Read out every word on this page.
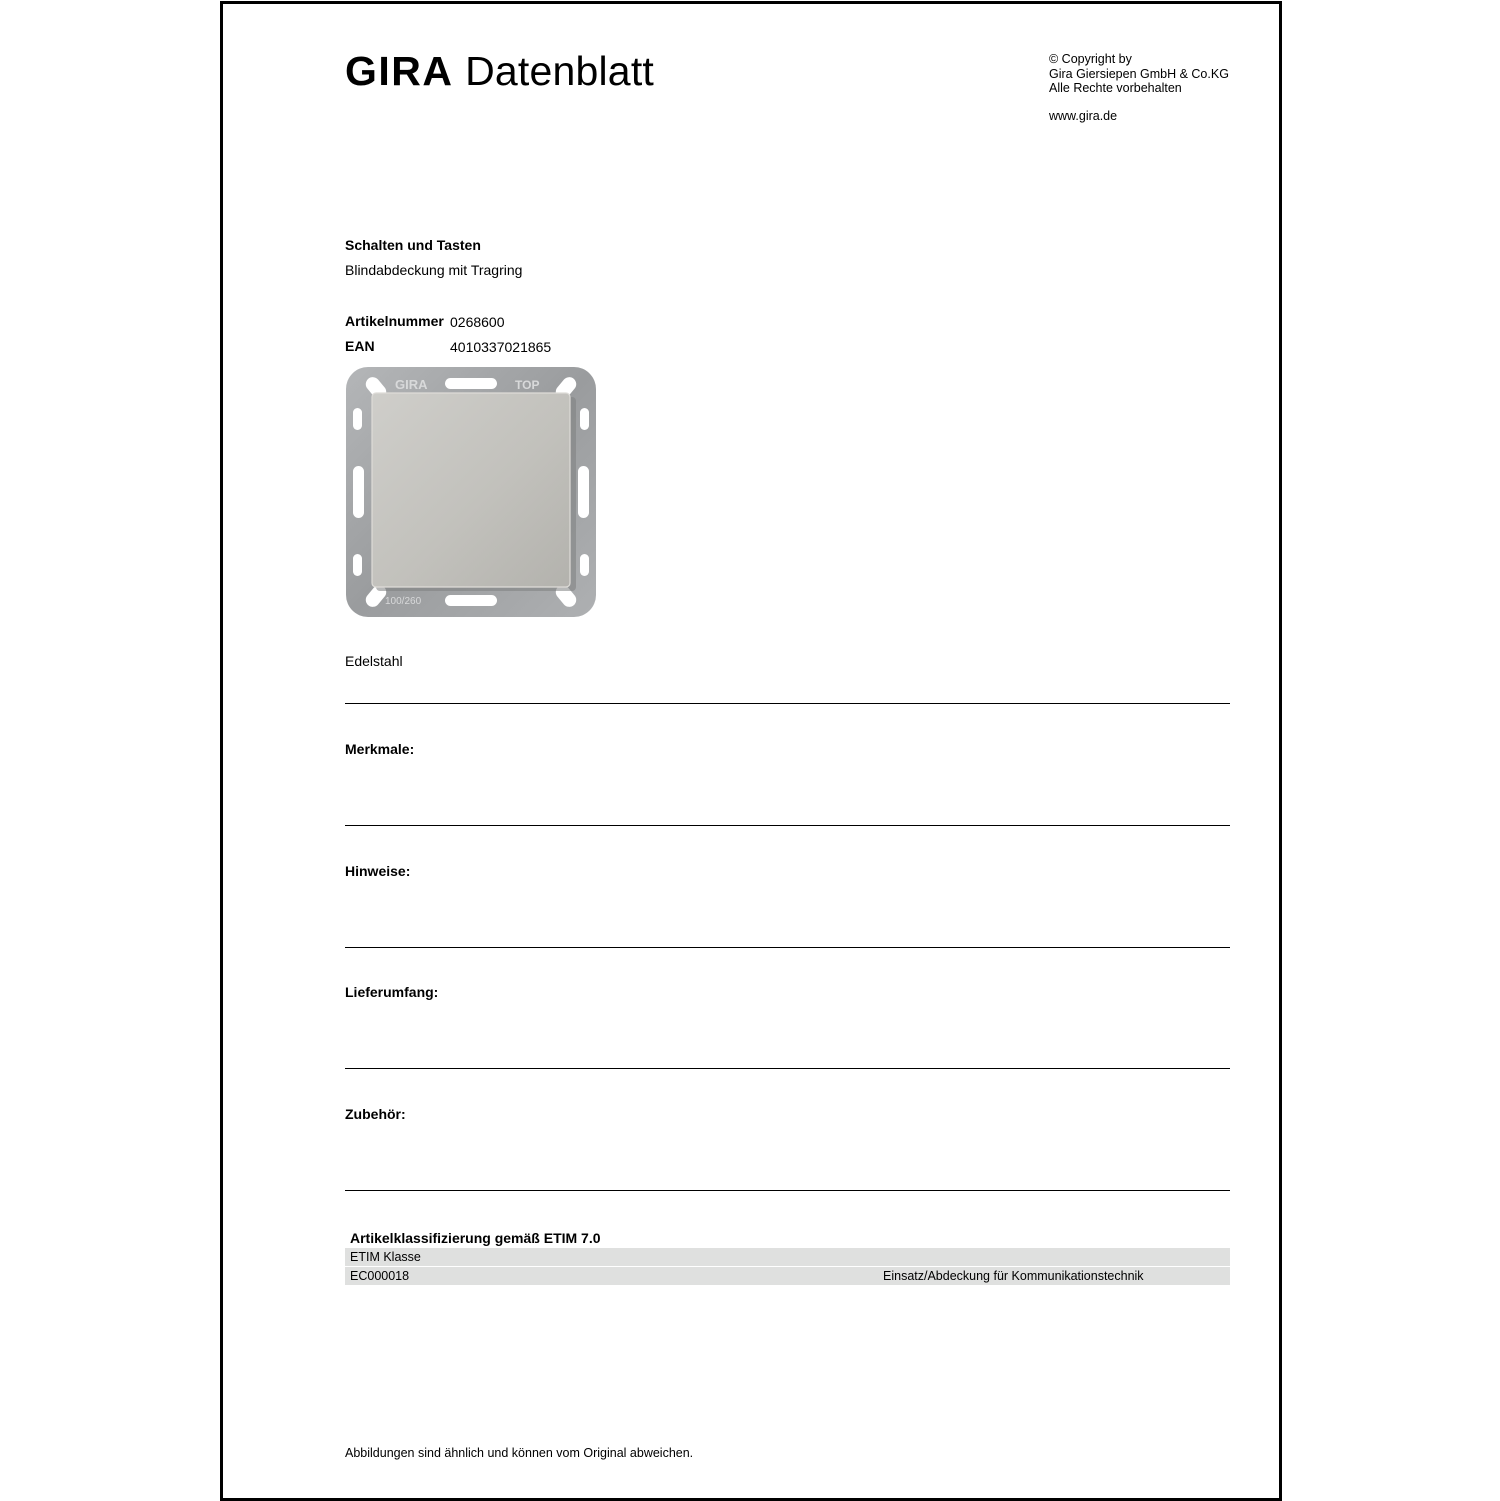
GIRA Datenblatt	© Copyright by
Gira Giersiepen GmbH & Co.KG
Alle Rechte vorbehalten
www.gira.de
Schalten und Tasten
Blindabdeckung mit Tragring
Artikelnummer 0268600
EAN	4010337021865
GIRA	TOP
100/260
Edelstahl
Merkmale:
Hinweise:
Lieferumfang:
Zubehör:
Artikelklassifizierung gemäß ETIM 7.0
ETIM Klasse
EC000018	Einsatz/Abdeckung für Kommunikationstechnik
Abbildungen sind ähnlich und können vom Original abweichen.
